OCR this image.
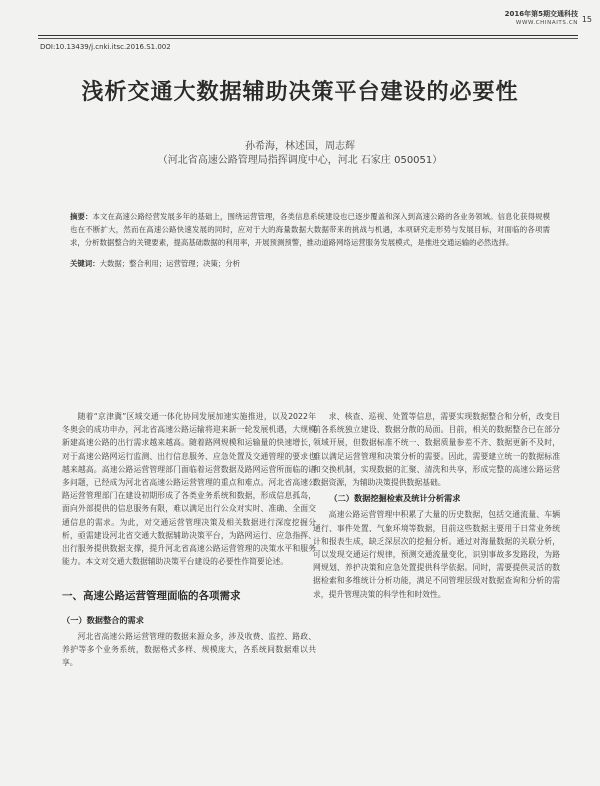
2016年第5期交通科技
WWW.CHINAITS.CN 15
DOI:10.13439/j.cnki.itsc.2016.S1.002
浅析交通大数据辅助决策平台建设的必要性
孙希海，林述国，周志辉
（河北省高速公路管理局指挥调度中心，河北 石家庄 050051）
摘要：本文在高速公路经营发展多年的基础上，围绕运营管理，各类信息系统建设也已逐步覆盖和深入到高速公路的各业务领域。信息化获得规模也在不断扩大，然而在高速公路快速发展的同时，应对于大的海量数据大数据带来的挑战与机遇，本项研究走形势与发展目标，对面临的各项需求，分析数据整合的关键要素，提高基础数据的利用率，开展预测预警，推动道路网络运营服务发展模式，是推进交通运输的必然选择。
关键词：大数据；整合利用；运营管理；决策；分析

随着“京津冀”区域交通一体化协同发展加速实施推进，以及2022年冬奥会的成功申办，河北省高速公路运输将迎来新一轮发展机遇，大规模新建高速公路的出行需求越来越高。随着路网规模和运输量的快速增长，对于高速公路网运行监测、出行信息服务、应急处置及交通管理的要求也越来越高。高速公路运营管理部门面临着运营数据及路网运营所面临的诸多问题，已经成为河北省高速公路运营管理的重点和难点。河北省高速公路运营管理部门在建设初期形成了各类业务系统和数据，形成信息孤岛，面向外部提供的信息服务有限，难以满足出行公众对实时、准确、全面交通信息的需求。为此，对交通运营管理决策及相关数据进行深度挖掘分析，亟需建设河北省交通大数据辅助决策平台，为路网运行、应急指挥、出行服务提供数据支撑，提升河北省高速公路运营管理的决策水平和服务能力。本文对交通大数据辅助决策平台建设的必要性作简要论述。

一、高速公路运营管理面临的各项需求
（一）数据整合的需求

河北省高速公路运营管理的数据来源众多，涉及收费、监控、路政、养护等多个业务系统，数据格式多样、规模庞大，各系统间数据难以共享。

求、核查、巡视、处置等信息，需要实现数据整合和分析，改变目前各系统独立建设、数据分散的局面。目前，相关的数据整合已在部分领域开展，但数据标准不统一、数据质量参差不齐、数据更新不及时，难以满足运营管理和决策分析的需要。因此，需要建立统一的数据标准和交换机制，实现数据的汇聚、清洗和共享，形成完整的高速公路运营数据资源，为辅助决策提供数据基础。

（二）数据挖掘检索及统计分析需求

高速公路运营管理中积累了大量的历史数据，包括交通流量、车辆通行、事件处置、气象环境等数据，目前这些数据主要用于日常业务统计和报表生成，缺乏深层次的挖掘分析。通过对海量数据的关联分析，可以发现交通运行规律，预测交通流量变化，识别事故多发路段，为路网规划、养护决策和应急处置提供科学依据。同时，需要提供灵活的数据检索和多维统计分析功能，满足不同管理层级对数据查询和分析的需求，提升管理决策的科学性和时效性。
